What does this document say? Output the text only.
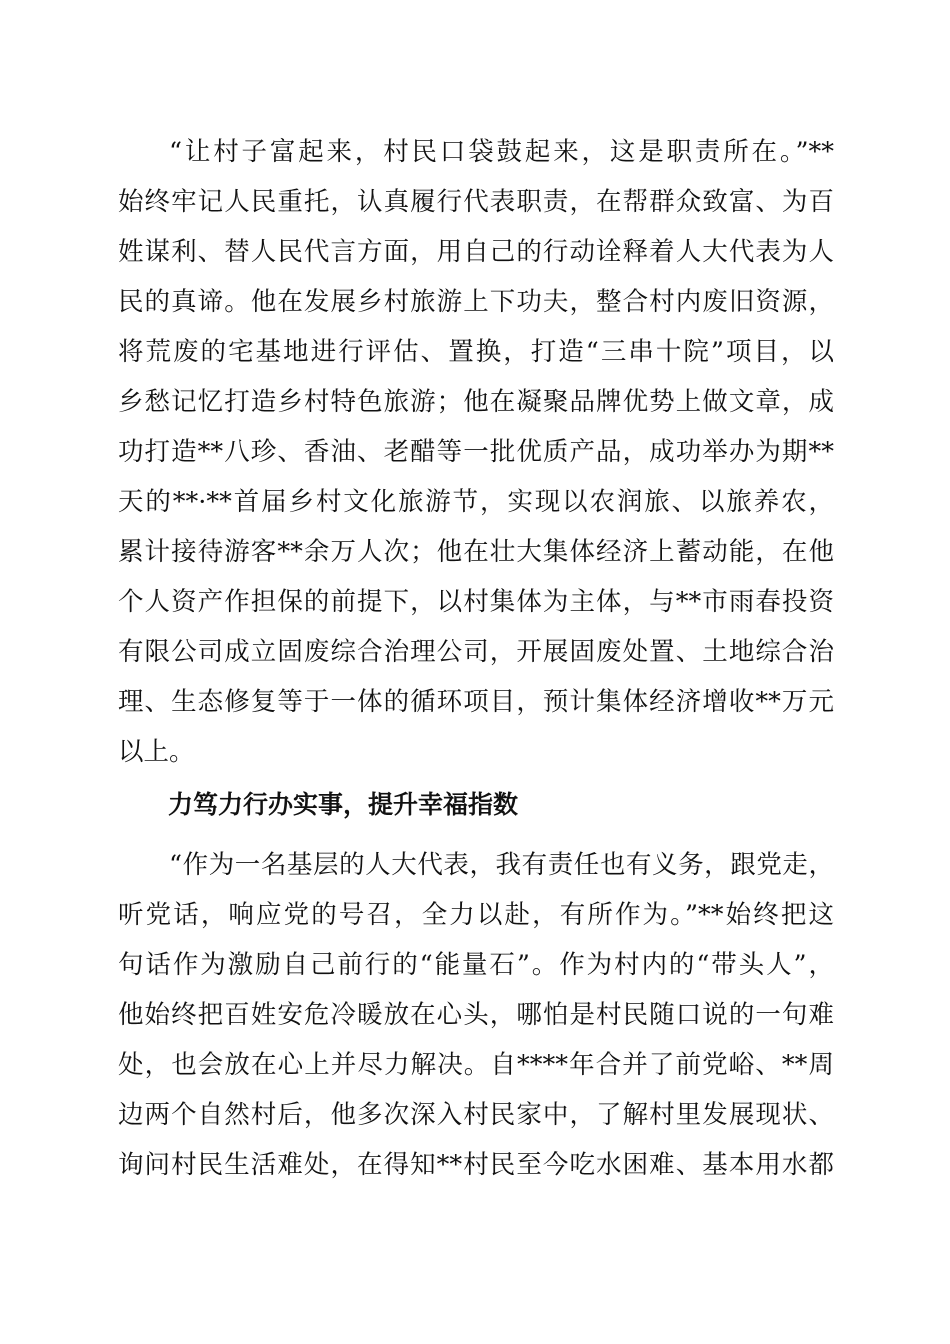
“让村子富起来，村民口袋鼓起来，这是职责所在。”**
始终牢记人民重托，认真履行代表职责，在帮群众致富、为百
姓谋利、替人民代言方面，用自己的行动诠释着人大代表为人
民的真谛。他在发展乡村旅游上下功夫，整合村内废旧资源，
将荒废的宅基地进行评估、置换，打造“三串十院”项目，以
乡愁记忆打造乡村特色旅游；他在凝聚品牌优势上做文章，成
功打造**八珍、香油、老醋等一批优质产品，成功举办为期**
天的**·**首届乡村文化旅游节，实现以农润旅、以旅养农，
累计接待游客**余万人次；他在壮大集体经济上蓄动能，在他
个人资产作担保的前提下，以村集体为主体，与**市雨春投资
有限公司成立固废综合治理公司，开展固废处置、土地综合治
理、生态修复等于一体的循环项目，预计集体经济增收**万元
以上。
力笃力行办实事，提升幸福指数
“作为一名基层的人大代表，我有责任也有义务，跟党走，
听党话，响应党的号召，全力以赴，有所作为。”**始终把这
句话作为激励自己前行的“能量石”。作为村内的“带头人”，
他始终把百姓安危冷暖放在心头，哪怕是村民随口说的一句难
处，也会放在心上并尽力解决。自****年合并了前党峪、**周
边两个自然村后，他多次深入村民家中，了解村里发展现状、
询问村民生活难处，在得知**村民至今吃水困难、基本用水都
